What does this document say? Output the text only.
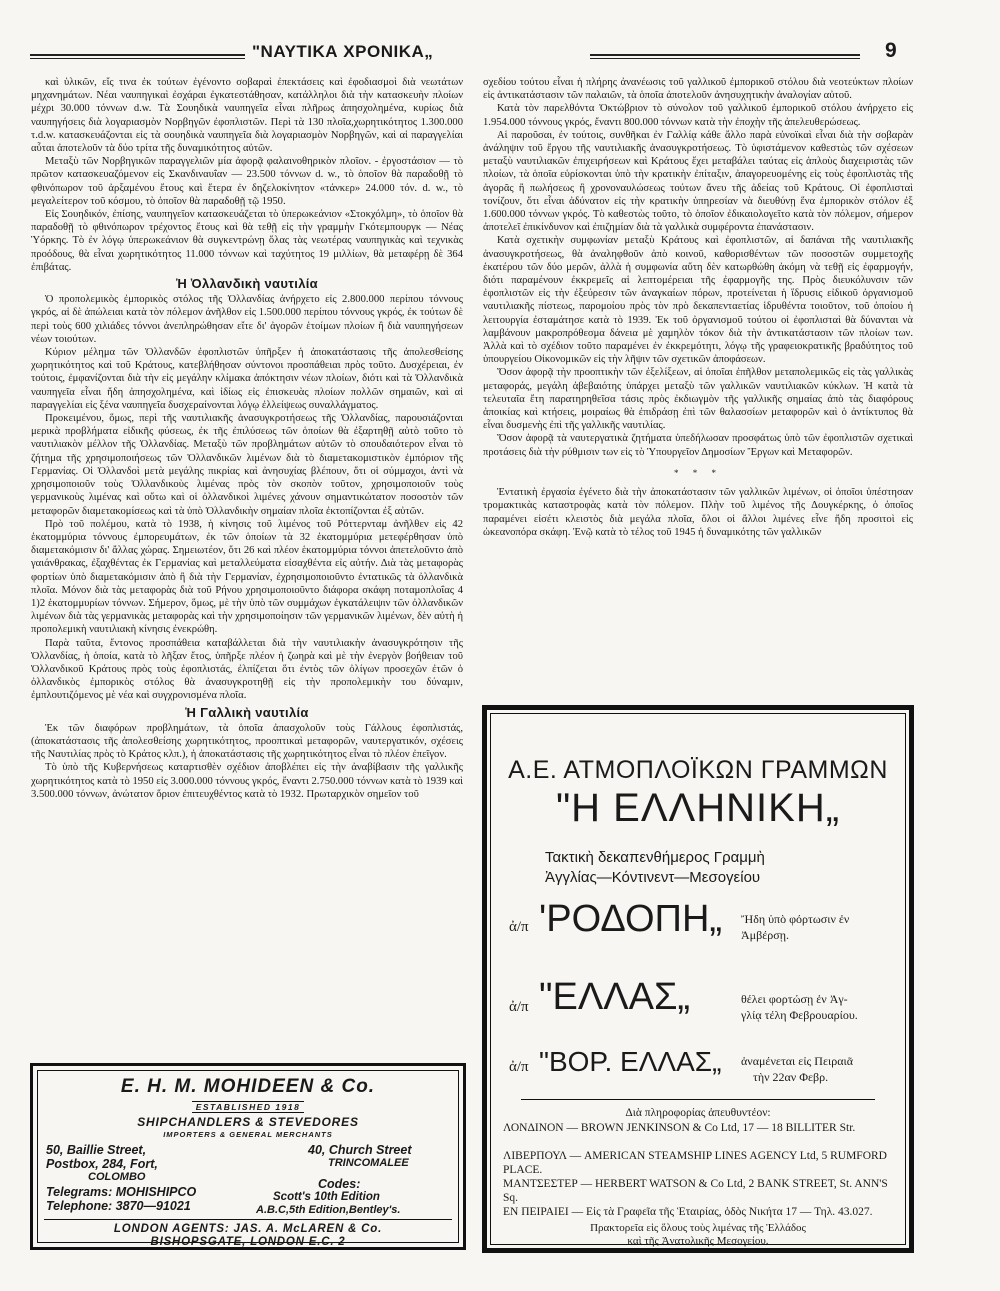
"ΝΑΥΤΙΚΑ ΧΡΟΝΙΚΑ„	9

καὶ ὑλικῶν, εἴς τινα ἐκ τούτων ἐγένοντο σοβαραὶ ἐπεκτάσεις καὶ ἐφοδιασμοὶ διὰ νεωτάτων μηχανημάτων. Νέαι ναυπηγικαὶ ἐσχάραι ἐγκατεστάθησαν, κατάλληλοι διὰ τὴν κατασκευὴν πλοίων μέχρι 30.000 τόννων d.w. Τὰ Σουηδικὰ ναυπηγεῖα εἶναι πλῆρως ἀπησχολημένα, κυρίως διὰ ναυπηγήσεις διὰ λογαριασμὸν Νορβηγῶν ἐφοπλιστῶν. Περὶ τὰ 130 πλοῖα,χωρητικότητος 1.300.000 τ.d.w. κατασκευάζονται εἰς τὰ σουηδικὰ ναυπηγεῖα διὰ λογαριασμὸν Νορβηγῶν, καὶ αἱ παραγγελίαι αὗται ἀποτελοῦν τὰ δύο τρίτα τῆς δυναμικότητος αὐτῶν.

Μεταξὺ τῶν Νορβηγικῶν παραγγελιῶν μία ἀφορᾷ φαλαινοθηρικὸν πλοῖον. - ἐργοστάσιον — τὸ πρῶτον κατασκευαζόμενον εἰς Σκανδιναυΐαν — 23.500 τόννων d. w., τὸ ὁποῖον θὰ παραδοθῇ τὸ φθινόπωρον τοῦ ἀρξαμένου ἔτους καὶ ἕτερα ἐν δηζελοκίνητον «τάνκερ» 24.000 τόν. d. w., τὸ μεγαλείτερον τοῦ κόσμου, τὸ ὁποῖον θὰ παραδοθῇ τῷ 1950.

Εἰς Σουηδικόν, ἐπίσης, ναυπηγεῖον κατασκευάζεται τὸ ὑπερωκεάνιον «Στοκχόλμη», τὸ ὁποῖον θὰ παραδοθῇ τὸ φθινόπωρον τρέχοντος ἔτους καὶ θὰ τεθῇ εἰς τὴν γραμμὴν Γκότεμπουργκ — Νέας Ὑόρκης. Τὸ ἐν λόγῳ ὑπερωκεάνιον θὰ συγκεντρώνῃ ὅλας τὰς νεωτέρας ναυπηγικὰς καὶ τεχνικὰς προόδους, θὰ εἶναι χωρητικότητος 11.000 τόννων καὶ ταχύτητος 19 μιλλίων, θὰ μεταφέρῃ δὲ 364 ἐπιβάτας.

Ἡ Ὀλλανδικὴ ναυτιλία

Ὁ προπολεμικὸς ἐμπορικὸς στόλος τῆς Ὀλλανδίας ἀνήρχετο εἰς 2.800.000 περίπου τόννους γκρός, αἱ δὲ ἀπώλειαι κατὰ τὸν πόλεμον ἀνῆλθον εἰς 1.500.000 περίπου τόννους γκρός, ἐκ τούτων δὲ περὶ τοὺς 600 χιλιάδες τόννοι ἀνεπληρώθησαν εἴτε δι' ἀγορῶν ἑτοίμων πλοίων ἢ διὰ ναυπηγήσεων νέων τοιούτων.

Κύριον μέλημα τῶν Ὀλλανδῶν ἐφοπλιστῶν ὑπῆρξεν ἡ ἀποκατάστασις τῆς ἀπολεσθείσης χωρητικότητος καὶ τοῦ Κράτους, κατεβλήθησαν σύντονοι προσπάθειαι πρὸς τοῦτο. Δυσχέρειαι, ἐν τούτοις, ἐμφανίζονται διὰ τὴν εἰς μεγάλην κλίμακα ἀπόκτησιν νέων πλοίων, διότι καὶ τὰ Ὀλλανδικὰ ναυπηγεῖα εἶναι ἤδη ἀπησχολημένα, καὶ ἰδίως εἰς ἐπισκευὰς πλοίων πολλῶν σημαιῶν, καὶ αἱ παραγγελίαι εἰς ξένα ναυπηγεῖα δυσχεραίνονται λόγῳ ἐλλείψεως συναλλάγματος.

Προκειμένου, ὅμως, περὶ τῆς ναυτιλιακῆς ἀνασυγκροτήσεως τῆς Ὀλλανδίας, παρουσιάζονται μερικὰ προβλήματα εἰδικῆς φύσεως, ἐκ τῆς ἐπιλύσεως τῶν ὁποίων θὰ ἐξαρτηθῇ αὐτὸ τοῦτο τὸ ναυτιλιακὸν μέλλον τῆς Ὀλλανδίας. Μεταξὺ τῶν προβλημάτων αὐτῶν τὸ σπουδαιότερον εἶναι τὸ ζήτημα τῆς χρησιμοποιήσεως τῶν Ὀλλανδικῶν λιμένων διὰ τὸ διαμετακομιστικὸν ἐμπόριον τῆς Γερμανίας. Οἱ Ὀλλανδοὶ μετὰ μεγάλης πικρίας καὶ ἀνησυχίας βλέπουν, ὅτι οἱ σύμμαχοι, ἀντὶ νὰ χρησιμοποιοῦν τοὺς Ὀλλανδικοὺς λιμένας πρὸς τὸν σκοπὸν τοῦτον, χρησιμοποιοῦν τοὺς γερμανικοὺς λιμένας καὶ οὕτω καὶ οἱ ὀλλανδικοὶ λιμένες χάνουν σημαντικώτατον ποσοστὸν τῶν μεταφορῶν διαμετακομίσεως καὶ τὰ ὑπὸ Ὀλλανδικὴν σημαίαν πλοῖα ἐκτοπίζονται ἐξ αὐτῶν.

Πρὸ τοῦ πολέμου, κατὰ τὸ 1938, ἡ κίνησις τοῦ λιμένος τοῦ Ρόττερνταμ ἀνῆλθεν εἰς 42 ἑκατομμύρια τόννους ἐμπορευμάτων, ἐκ τῶν ὁποίων τὰ 32 ἑκατομμύρια μετεφέρθησαν ὑπὸ διαμετακόμισιν δι' ἄλλας χώρας. Σημειωτέον, ὅτι 26 καὶ πλέον ἑκατομμύρια τόννοι ἀπετελοῦντο ἀπὸ γαιάνθρακας, ἐξαχθέντας ἐκ Γερμανίας καὶ μεταλλεύματα εἰσαχθέντα εἰς αὐτήν. Διὰ τὰς μεταφορὰς φορτίων ὑπὸ διαμετακόμισιν ἀπὸ ἢ διὰ τὴν Γερμανίαν, ἐχρησιμοποιοῦντο ἐντατικῶς τὰ ὀλλανδικὰ πλοῖα. Μόνον διὰ τὰς μεταφορὰς διὰ τοῦ Ρήνου χρησιμοποιοῦντο διάφορα σκάφη ποταμοπλοΐας 4 1)2 ἑκατομμυρίων τόννων. Σήμερον, ὅμως, μὲ τὴν ὑπὸ τῶν συμμάχων ἐγκατάλειψιν τῶν ὀλλανδικῶν λιμένων διὰ τὰς γερμανικὰς μεταφορὰς καὶ τὴν χρησιμοποίησιν τῶν γερμανικῶν λιμένων, δὲν αὐτὴ ἡ προπολεμικὴ ναυτιλιακὴ κίνησις ἐνεκρώθη.

Παρὰ ταῦτα, ἔντονος προσπάθεια καταβάλλεται διὰ τὴν ναυτιλιακὴν ἀνασυγκρότησιν τῆς Ὀλλανδίας, ἡ ὁποία, κατὰ τὸ λῆξαν ἔτος, ὑπῆρξε πλέον ἡ ζωηρὰ καὶ μὲ τὴν ἐνεργὸν βοήθειαν τοῦ Ὀλλανδικοῦ Κράτους πρὸς τοὺς ἐφοπλιστάς, ἐλπίζεται ὅτι ἐντὸς τῶν ὀλίγων προσεχῶν ἐτῶν ὁ ὀλλανδικὸς ἐμπορικὸς στόλος θὰ ἀνασυγκροτηθῇ εἰς τὴν προπολεμικὴν του δύναμιν, ἐμπλουτιζόμενος μὲ νέα καὶ συγχρονισμένα πλοῖα.

Ἡ Γαλλικὴ ναυτιλία

Ἐκ τῶν διαφόρων προβλημάτων, τὰ ὁποῖα ἀπασχολοῦν τοὺς Γάλλους ἐφοπλιστάς, (ἀποκατάστασις τῆς ἀπολεσθείσης χωρητικότητος, προοπτικαὶ μεταφορῶν, ναυτεργατικόν, σχέσεις τῆς Ναυτιλίας πρὸς τὸ Κράτος κλπ.), ἡ ἀποκατάστασις τῆς χωρητικότητος εἶναι τὸ πλέον ἐπεῖγον.

Τὸ ὑπὸ τῆς Κυβερνήσεως καταρτισθὲν σχέδιον ἀποβλέπει εἰς τὴν ἀναβίβασιν τῆς γαλλικῆς χωρητικότητος κατὰ τὸ 1950 εἰς 3.000.000 τόννους γκρός, ἔναντι 2.750.000 τόννων κατὰ τὸ 1939 καὶ 3.500.000 τόννων, ἀνώτατον ὅριον ἐπιτευχθέντος κατὰ τὸ 1932. Πρωταρχικὸν σημεῖον τοῦ

σχεδίου τούτου εἶναι ἡ πλήρης ἀνανέωσις τοῦ γαλλικοῦ ἐμπορικοῦ στόλου διὰ νεοτεύκτων πλοίων εἰς ἀντικατάστασιν τῶν παλαιῶν, τὰ ὁποῖα ἀποτελοῦν ἀνησυχητικὴν ἀναλογίαν αὐτοῦ.

Κατὰ τὸν παρελθόντα Ὀκτώβριον τὸ σύνολον τοῦ γαλλικοῦ ἐμπορικοῦ στόλου ἀνήρχετο εἰς 1.954.000 τόννους γκρός, ἔναντι 800.000 τόννων κατὰ τὴν ἐποχὴν τῆς ἀπελευθερώσεως.

Αἱ παροῦσαι, ἐν τούτοις, συνθῆκαι ἐν Γαλλίᾳ κάθε ἄλλο παρὰ εὐνοϊκαὶ εἶναι διὰ τὴν σοβαρὰν ἀνάληψιν τοῦ ἔργου τῆς ναυτιλιακῆς ἀνασυγκροτήσεως. Τὸ ὑφιστάμενον καθεστὼς τῶν σχέσεων μεταξὺ ναυτιλιακῶν ἐπιχειρήσεων καὶ Κράτους ἔχει μεταβάλει ταύτας εἰς ἁπλοὺς διαχειριστὰς τῶν πλοίων, τὰ ὁποῖα εὑρίσκονται ὑπὸ τὴν κρατικὴν ἐπίταξιν, ἀπαγορευομένης εἰς τοὺς ἐφοπλιστὰς τῆς ἀγορᾶς ἢ πωλήσεως ἢ χρονοναυλώσεως τούτων ἄνευ τῆς ἀδείας τοῦ Κράτους. Οἱ ἐφοπλισταὶ τονίζουν, ὅτι εἶναι ἀδύνατον εἰς τὴν κρατικὴν ὑπηρεσίαν νὰ διευθύνῃ ἕνα ἐμπορικὸν στόλον ἐξ 1.600.000 τόννων γκρός. Τὸ καθεστὼς τοῦτο, τὸ ὁποῖον ἐδικαιολογεῖτο κατὰ τὸν πόλεμον, σήμερον ἀποτελεῖ ἐπικίνδυνον καὶ ἐπιζημίαν διὰ τὰ γαλλικὰ συμφέροντα ἐπανάστασιν.

Κατὰ σχετικὴν συμφωνίαν μεταξὺ Κράτους καὶ ἐφοπλιστῶν, αἱ δαπάναι τῆς ναυτιλιακῆς ἀνασυγκροτήσεως, θὰ ἀναληφθοῦν ἀπὸ κοινοῦ, καθορισθέντων τῶν ποσοστῶν συμμετοχῆς ἑκατέρου τῶν δύο μερῶν, ἀλλὰ ἡ συμφωνία αὕτη δὲν κατωρθώθη ἀκόμη νὰ τεθῇ εἰς ἐφαρμογήν, διότι παραμένουν ἐκκρεμεῖς αἱ λεπτομέρειαι τῆς ἐφαρμογῆς της. Πρὸς διευκόλυνσιν τῶν ἐφοπλιστῶν εἰς τὴν ἐξεύρεσιν τῶν ἀναγκαίων πόρων, προτείνεται ἡ ἵδρυσις εἰδικοῦ ὀργανισμοῦ ναυτιλιακῆς πίστεως, παρομοίου πρὸς τὸν πρὸ δεκαπενταετίας ἱδρυθέντα τοιοῦτον, τοῦ ὁποίου ἡ λειτουργία ἐσταμάτησε κατὰ τὸ 1939. Ἐκ τοῦ ὀργανισμοῦ τούτου οἱ ἐφοπλισταὶ θὰ δύνανται νὰ λαμβάνουν μακροπρόθεσμα δάνεια μὲ χαμηλὸν τόκον διὰ τὴν ἀντικατάστασιν τῶν πλοίων των. Ἀλλὰ καὶ τὸ σχέδιον τοῦτο παραμένει ἐν ἐκκρεμότητι, λόγῳ τῆς γραφειοκρατικῆς βραδύτητος τοῦ ὑπουργείου Οἰκονομικῶν εἰς τὴν λῆψιν τῶν σχετικῶν ἀποφάσεων.

Ὅσον ἀφορᾷ τὴν προοπτικὴν τῶν ἐξελίξεων, αἱ ὁποῖαι ἐπῆλθον μεταπολεμικῶς εἰς τὰς γαλλικὰς μεταφοράς, μεγάλη ἀβεβαιότης ὑπάρχει μεταξὺ τῶν γαλλικῶν ναυτιλιακῶν κύκλων. Ἡ κατὰ τὰ τελευταῖα ἔτη παρατηρηθεῖσα τάσις πρὸς ἐκδιωγμὸν τῆς γαλλικῆς σημαίας ἀπὸ τὰς διαφόρους ἀποικίας καὶ κτήσεις, μοιραίως θὰ ἐπιδράσῃ ἐπὶ τῶν θαλασσίων μεταφορῶν καὶ ὁ ἀντίκτυπος θὰ εἶναι δυσμενὴς ἐπὶ τῆς γαλλικῆς ναυτιλίας.

Ὅσον ἀφορᾷ τὰ ναυτεργατικὰ ζητήματα ὑπεδήλωσαν προσφάτως ὑπὸ τῶν ἐφοπλιστῶν σχετικαὶ προτάσεις διὰ τὴν ρύθμισιν των εἰς τὸ Ὑπουργεῖον Δημοσίων Ἔργων καὶ Μεταφορῶν.

* * *

Ἐντατικὴ ἐργασία ἐγένετο διὰ τὴν ἀποκατάστασιν τῶν γαλλικῶν λιμένων, οἱ ὁποῖοι ὑπέστησαν τρομακτικὰς καταστροφὰς κατὰ τὸν πόλεμον. Πλὴν τοῦ λιμένος τῆς Δουγκέρκης, ὁ ὁποῖος παραμένει εἰσέτι κλειστὸς διὰ μεγάλα πλοῖα, ὅλοι οἱ ἄλλοι λιμένες εἶνε ἤδη προσιτοὶ εἰς ὠκεανοπόρα σκάφη. Ἐνῷ κατὰ τὸ τέλος τοῦ 1945 ἡ δυναμικότης τῶν γαλλικῶν

E. H. M. MOHIDEEN & Co.
ESTABLISHED 1918
SHIPCHANDLERS & STEVEDORES
IMPORTERS & GENERAL MERCHANTS
50, Baillie Street,
Postbox, 284, Fort,
COLOMBO
40, Church Street
TRINCOMALEE
Telegrams: MOHISHIPCO
Telephone: 3870—91021
Codes:
Scott's 10th Edition
A.B.C,5th Edition,Bentley's.
LONDON AGENTS: JAS. A. McLAREN & Co.
BISHOPSGATE, LONDON E.C. 2
Α.Ε. ΑΤΜΟΠΛΟΪΚΩΝ ΓΡΑΜΜΩΝ
"Η ΕΛΛΗΝΙΚΗ„
Τακτικὴ δεκαπενθήμερος Γραμμὴ
Ἀγγλίας—Κόντινεντ—Μεσογείου
ἀ/π 'ΡΟΔΟΠΗ„ Ἤδη ὑπὸ φόρτωσιν ἐν
Ἀμβέρσῃ.
ἀ/π "ΕΛΛΑΣ„	θέλει φορτώσῃ ἐν Ἀγ-
γλίᾳ τέλη Φεβρουαρίου.
ἀ/π "ΒΟΡ. ΕΛΛΑΣ„ ἀναμένεται εἰς Πειραιᾶ
τὴν 22αν Φεβρ.
Διὰ πληροφορίας ἀπευθυντέον:
ΛΟΝΔΙΝΟΝ — BROWN JENKINSON & Co Ltd, 17 — 18 BILLITER Str.
ΛΙΒΕΡΠΟΥΛ — AMERICAN STEAMSHIP LINES AGENCY Ltd, 5 RUMFORD PLACE.
ΜΑΝΤΣΕΣΤΕΡ — HERBERT WATSON & Co Ltd, 2 BANK STREET, St. ANN'S Sq.
ΕΝ ΠΕΙΡΑΙΕΙ — Εἰς τὰ Γραφεῖα τῆς Ἑταιρίας, ὁδὸς Νικήτα 17 — Τηλ. 43.027.
Πρακτορεῖα εἰς ὅλους τοὺς λιμένας τῆς Ἑλλάδος
καὶ τῆς Ἀνατολικῆς Μεσογείου.
